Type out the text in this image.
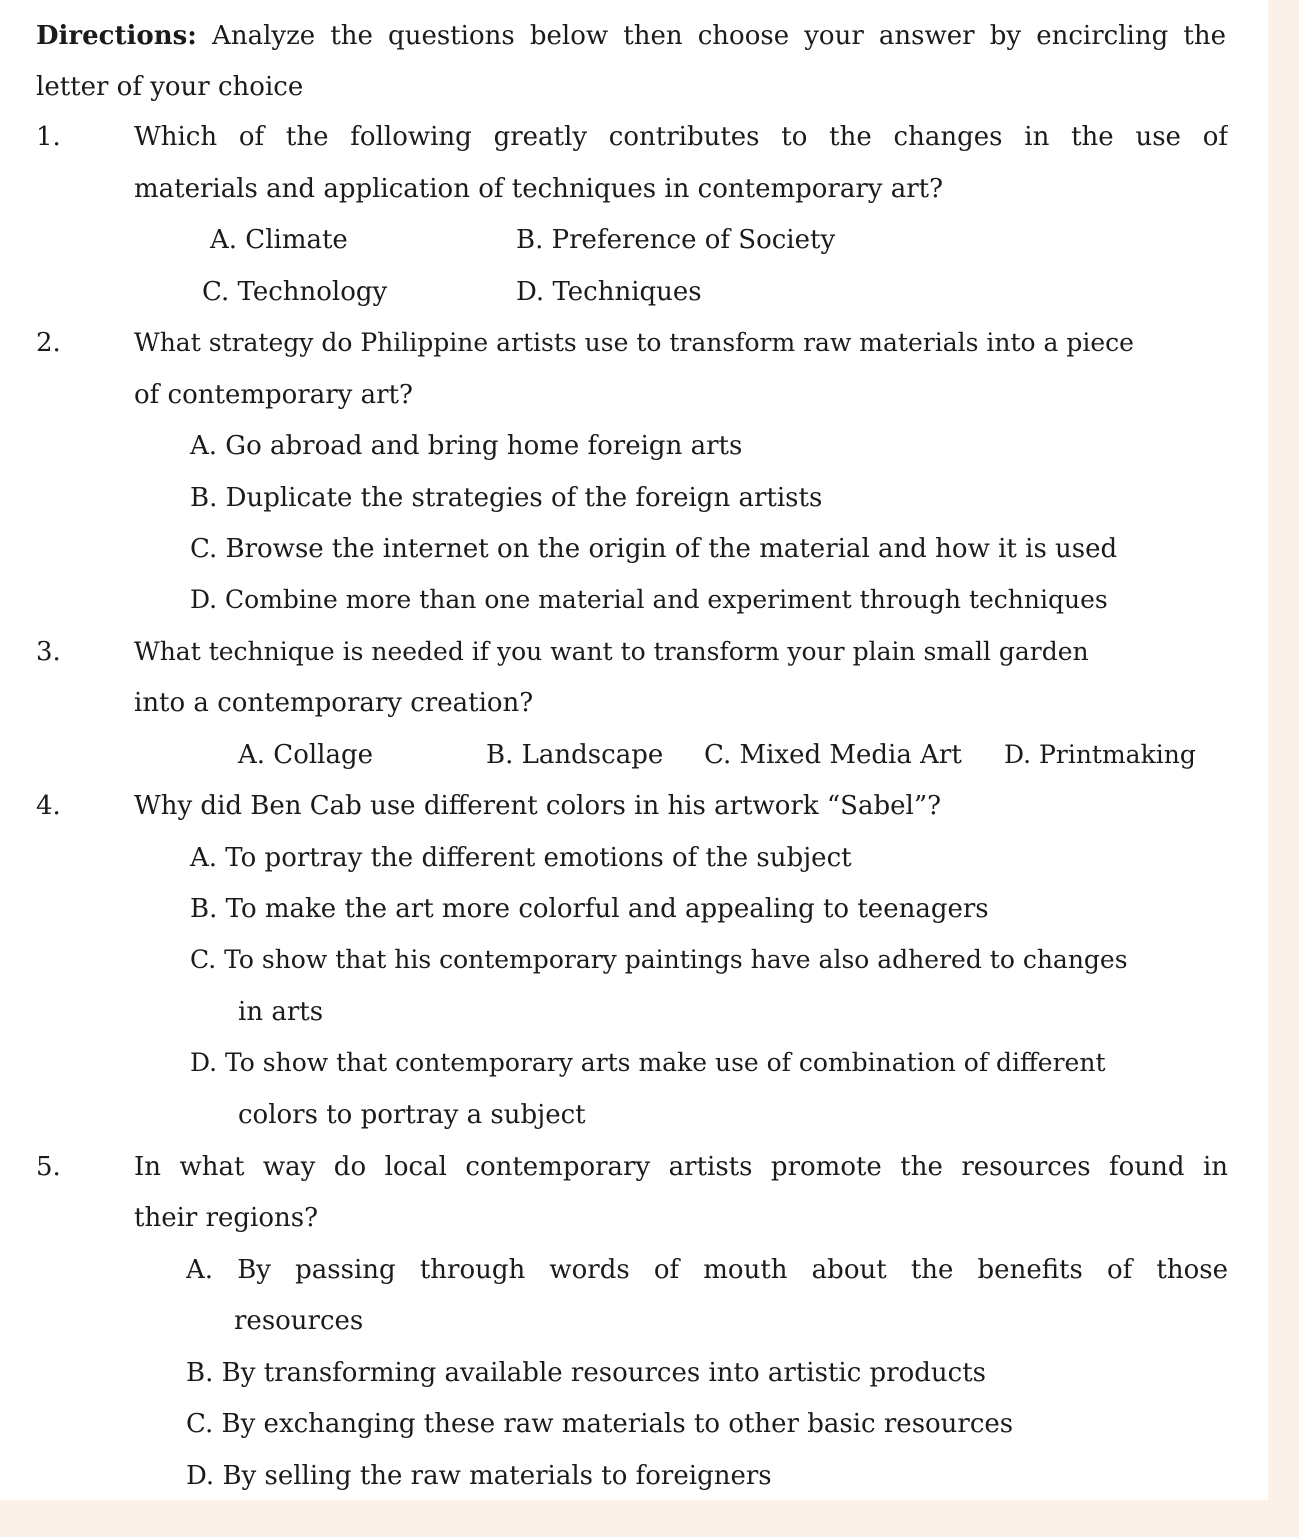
Directions: Analyze the questions below then choose your answer by encircling the
letter of your choice
1.	Which of the following greatly contributes to the changes in the use of
materials and application of techniques in contemporary art?
A. Climate	B. Preference of Society
C. Technology	D. Techniques
2.	What strategy do Philippine artists use to transform raw materials into a piece
of contemporary art?
A. Go abroad and bring home foreign arts
B. Duplicate the strategies of the foreign artists
C. Browse the internet on the origin of the material and how it is used
D. Combine more than one material and experiment through techniques
3.	What technique is needed if you want to transform your plain small garden
into a contemporary creation?
A. Collage	B. Landscape C. Mixed Media Art D. Printmaking
4.	Why did Ben Cab use different colors in his artwork “Sabel”?
A. To portray the different emotions of the subject
B. To make the art more colorful and appealing to teenagers
C. To show that his contemporary paintings have also adhered to changes
in arts
D. To show that contemporary arts make use of combination of different
colors to portray a subject
5.	In what way do local contemporary artists promote the resources found in
their regions?
A. By passing through words of mouth about the benefits of those
resources
B. By transforming available resources into artistic products
C. By exchanging these raw materials to other basic resources
D. By selling the raw materials to foreigners
